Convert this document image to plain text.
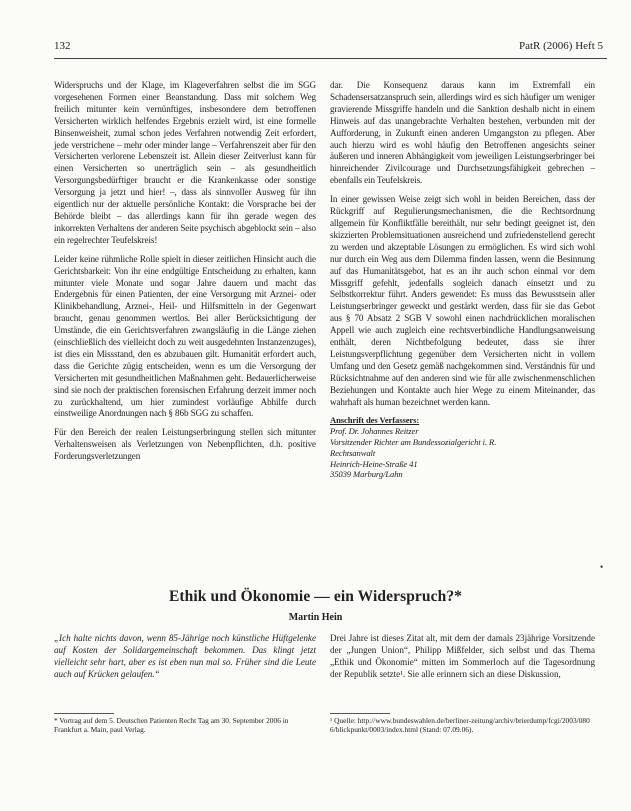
132	PatR (2006) Heft 5

Widerspruchs und der Klage, im Klageverfahren selbst die im SGG vorgesehenen Formen einer Beanstandung. Dass mit solchem Weg freilich mitunter kein vernünftiges, insbesondere dem betroffenen Versicherten wirklich helfendes Ergebnis erzielt wird, ist eine formelle Binsenweisheit, zumal schon jedes Verfahren notwendig Zeit erfordert, jede verstrichene – mehr oder minder lange – Verfahrenszeit aber für den Versicherten verlorene Lebenszeit ist. Allein dieser Zeitverlust kann für einen Versicherten so unerträglich sein – als gesundheitlich Versorgungsbedürftiger braucht er die Krankenkasse oder sonstige Versorgung ja jetzt und hier! –, dass als sinnvoller Ausweg für ihn eigentlich nur der aktuelle persönliche Kontakt: die Vorsprache bei der Behörde bleibt – das allerdings kann für ihn gerade wegen des inkorrekten Verhaltens der anderen Seite psychisch abgeblockt sein – also ein regelrechter Teufelskreis!

Leider keine rühmliche Rolle spielt in dieser zeitlichen Hinsicht auch die Gerichtsbarkeit: Von ihr eine endgültige Entscheidung zu erhalten, kann mitunter viele Monate und sogar Jahre dauern und macht das Endergebnis für einen Patienten, der eine Versorgung mit Arznei- oder Klinikbehandlung, Arznei-, Heil- und Hilfsmitteln in der Gegenwart braucht, genau genommen wertlos. Bei aller Berücksichtigung der Umstände, die ein Gerichtsverfahren zwangsläufig in die Länge ziehen (einschließlich des vielleicht doch zu weit ausgedehnten Instanzenzuges), ist dies ein Missstand, den es abzubauen gilt. Humanität erfordert auch, dass die Gerichte zügig entscheiden, wenn es um die Versorgung der Versicherten mit gesundheitlichen Maßnahmen geht. Bedauerlicherweise sind sie noch der praktischen forensischen Erfahrung derzeit immer noch zu zurückhaltend, um hier zumindest vorläufige Abhilfe durch einstweilige Anordnungen nach § 86b SGG zu schaffen.

Für den Bereich der realen Leistungserbringung stellen sich mitunter Verhaltensweisen als Verletzungen von Nebenpflichten, d.h. positive Forderungsverletzungen

dar. Die Konsequenz daraus kann im Extremfall ein Schadensersatzanspruch sein, allerdings wird es sich häufiger um weniger gravierende Missgriffe handeln und die Sanktion deshalb nicht in einem Hinweis auf das unangebrachte Verhalten bestehen, verbunden mit der Aufforderung, in Zukunft einen anderen Umgangston zu pflegen. Aber auch hierzu wird es wohl häufig den Betroffenen angesichts seiner äußeren und inneren Abhängigkeit vom jeweiligen Leistungserbringer bei hinreichender Zivilcourage und Durchsetzungsfähigkeit gebrechen – ebenfalls ein Teufelskreis.

In einer gewissen Weise zeigt sich wohl in beiden Bereichen, dass der Rückgriff auf Regulierungsmechanismen, die die Rechtsordnung allgemein für Konfliktfälle bereithält, nur sehr bedingt geeignet ist, den skizzierten Problemsituationen ausreichend und zufriedenstellend gerecht zu werden und akzeptable Lösungen zu ermöglichen. Es wird sich wohl nur durch ein Weg aus dem Dilemma finden lassen, wenn die Besinnung auf das Humanitätsgebot, hat es an ihr auch schon einmal vor dem Missgriff gefehlt, jedenfalls sogleich danach einsetzt und zu Selbstkorrektur führt. Anders gewendet: Es muss das Bewusstsein aller Leistungserbringer geweckt und gestärkt werden, dass für sie das Gebot aus § 70 Absatz 2 SGB V sowohl einen nachdrücklichen moralischen Appell wie auch zugleich eine rechtsverbindliche Handlungsanweisung enthält, deren Nichtbefolgung bedeutet, dass sie ihrer Leistungsverpflichtung gegenüber dem Versicherten nicht in vollem Umfang und den Gesetz gemäß nachgekommen sind. Verständnis für und Rücksichtnahme auf den anderen sind wie für alle zwischenmenschlichen Beziehungen und Kontakte auch hier Wege zu einem Miteinander, das wahrhaft als human bezeichnet werden kann.

Anschrift des Verfassers:
Prof. Dr. Johannes Reitzer
Vorsitzender Richter am Bundessozialgericht i. R.
Rechtsanwalt
Heinrich-Heine-Straße 41
35039 Marburg/Lahn
•
Ethik und Ökonomie — ein Widerspruch?*
Martin Hein
„Ich halte nichts davon, wenn 85-Jährige noch künstliche Hüftgelenke auf Kosten der Solidargemeinschaft bekommen. Das klingt jetzt vielleicht sehr hart, aber es ist eben nun mal so. Früher sind die Leute auch auf Krücken gelaufen.“
Drei Jahre ist dieses Zitat alt, mit dem der damals 23jährige Vorsitzende der „Jungen Union“, Philipp Mißfelder, sich selbst und das Thema „Ethik und Ökonomie“ mitten im Sommerloch auf die Tagesordnung der Republik setzte¹. Sie alle erinnern sich an diese Diskussion,
* Vortrag auf dem 5. Deutschen Patienten Recht Tag am 30. September 2006 in Frankfurt a. Main, paul Verlag.
¹ Quelle: http://www.bundeswahlen.de/berliner-zeitung/archiv/brierdump/fcgi/2003/0806/blickpunkt/0003/index.html (Stand: 07.09.06).
